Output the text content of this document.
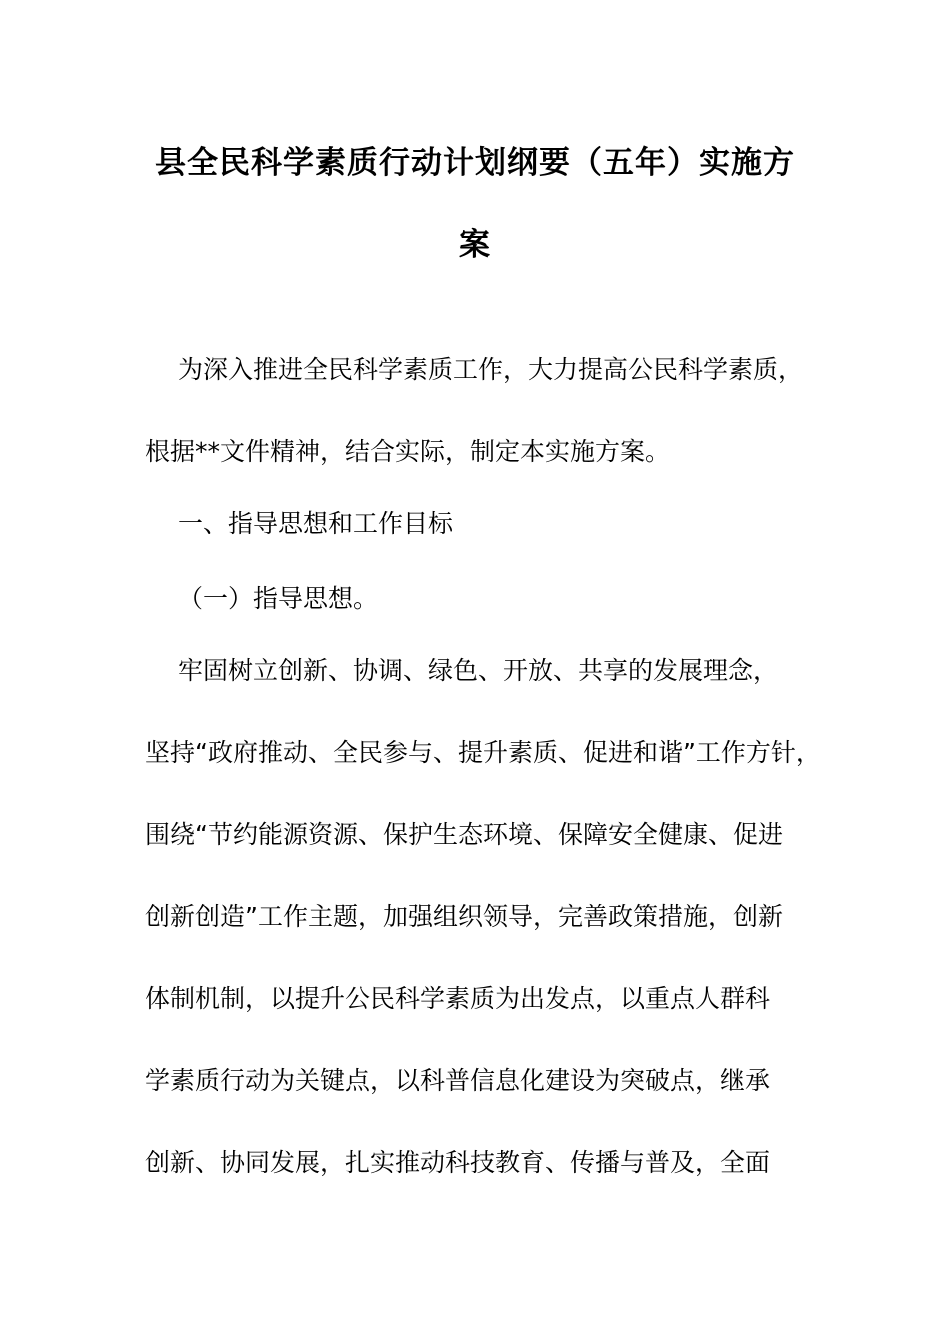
县全民科学素质行动计划纲要（五年）实施方
案
为深入推进全民科学素质工作，大力提高公民科学素质，
根据**文件精神，结合实际，制定本实施方案。
一、指导思想和工作目标
（一）指导思想。
牢固树立创新、协调、绿色、开放、共享的发展理念，
坚持“政府推动、全民参与、提升素质、促进和谐”工作方针，
围绕“节约能源资源、保护生态环境、保障安全健康、促进
创新创造”工作主题，加强组织领导，完善政策措施，创新
体制机制，以提升公民科学素质为出发点，以重点人群科
学素质行动为关键点，以科普信息化建设为突破点，继承
创新、协同发展，扎实推动科技教育、传播与普及，全面
